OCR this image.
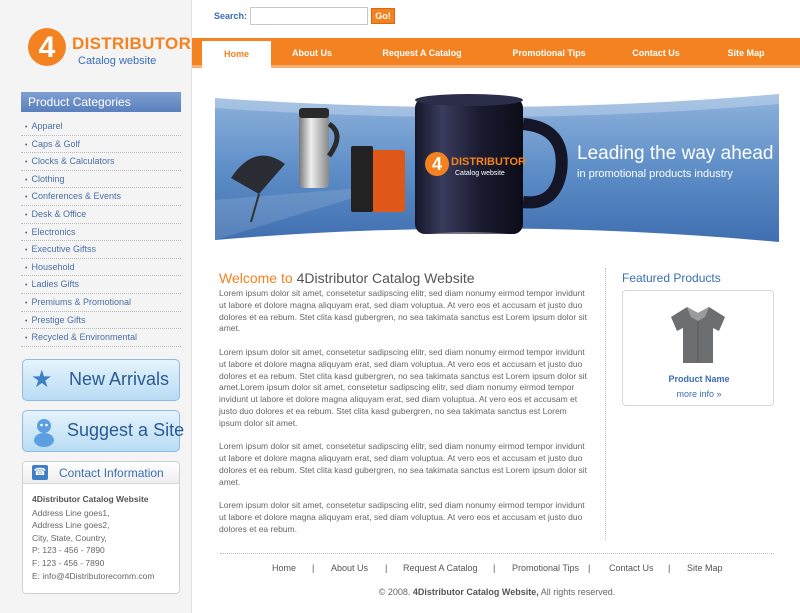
4 DISTRIBUTOR
Catalog website
Product Categories
• Apparel
• Caps & Golf
• Clocks & Calculators
• Clothing
• Conferences & Events
• Desk & Office
• Electronics
• Executive Giftss
• Household
• Ladies Gifts
• Premiums & Promotional
• Prestige Gifts
• Recycled & Environmental
★ New Arrivals
Suggest a Site
☎ Contact Information
4Distributor Catalog Website
Address Line goes1,
Address Line goes2,
City, State, Country,
P: 123 - 456 - 7890
F: 123 - 456 - 7890
E: info@4Distributorecomm.com
Search:	Go!
Home	About Us	Request A Catalog	Promotional Tips	Contact Us	Site Map
4 DISTRIBUTOR
Catalog website
Leading the way ahead
in promotional products industry
Welcome to 4Distributor Catalog Website

Lorem ipsum dolor sit amet, consetetur sadipscing elitr, sed diam nonumy eirmod tempor invidunt ut labore et dolore magna aliquyam erat, sed diam voluptua. At vero eos et accusam et justo duo dolores et ea rebum. Stet clita kasd gubergren, no sea takimata sanctus est Lorem ipsum dolor sit amet.

Lorem ipsum dolor sit amet, consetetur sadipscing elitr, sed diam nonumy eirmod tempor invidunt ut labore et dolore magna aliquyam erat, sed diam voluptua. At vero eos et accusam et justo duo dolores et ea rebum. Stet clita kasd gubergren, no sea takimata sanctus est Lorem ipsum dolor sit amet.Lorem ipsum dolor sit amet, consetetur sadipscing elitr, sed diam nonumy eirmod tempor invidunt ut labore et dolore magna aliquyam erat, sed diam voluptua. At vero eos et accusam et justo duo dolores et ea rebum. Stet clita kasd gubergren, no sea takimata sanctus est Lorem ipsum dolor sit amet.

Lorem ipsum dolor sit amet, consetetur sadipscing elitr, sed diam nonumy eirmod tempor invidunt ut labore et dolore magna aliquyam erat, sed diam voluptua. At vero eos et accusam et justo duo dolores et ea rebum. Stet clita kasd gubergren, no sea takimata sanctus est Lorem ipsum dolor sit amet.

Lorem ipsum dolor sit amet, consetetur sadipscing elitr, sed diam nonumy eirmod tempor invidunt ut labore et dolore magna aliquyam erat, sed diam voluptua. At vero eos et accusam et justo duo dolores et ea rebum.

Featured Products
Product Name
more info »
Home | About Us | Request A Catalog | Promotional Tips | Contact Us | Site Map
© 2008. 4Distributor Catalog Website, All rights reserved.
